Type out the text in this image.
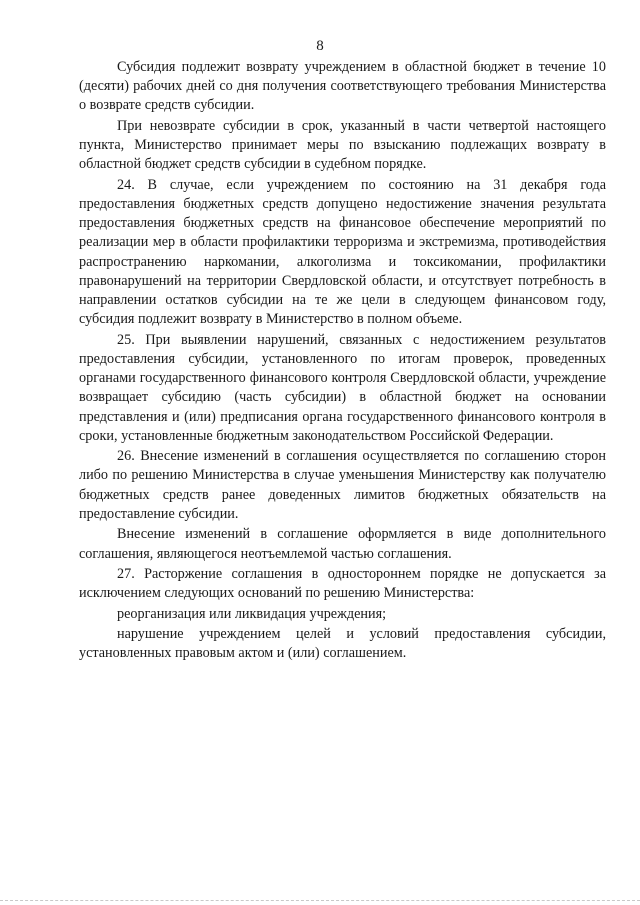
8

Субсидия подлежит возврату учреждением в областной бюджет в течение 10 (десяти) рабочих дней со дня получения соответствующего требования Министерства о возврате средств субсидии.

При невозврате субсидии в срок, указанный в части четвертой настоящего пункта, Министерство принимает меры по взысканию подлежащих возврату в областной бюджет средств субсидии в судебном порядке.

24. В случае, если учреждением по состоянию на 31 декабря года предоставления бюджетных средств допущено недостижение значения результата предоставления бюджетных средств на финансовое обеспечение мероприятий по реализации мер в области профилактики терроризма и экстремизма, противодействия распространению наркомании, алкоголизма и токсикомании, профилактики правонарушений на территории Свердловской области, и отсутствует потребность в направлении остатков субсидии на те же цели в следующем финансовом году, субсидия подлежит возврату в Министерство в полном объеме.

25. При выявлении нарушений, связанных с недостижением результатов предоставления субсидии, установленного по итогам проверок, проведенных органами государственного финансового контроля Свердловской области, учреждение возвращает субсидию (часть субсидии) в областной бюджет на основании представления и (или) предписания органа государственного финансового контроля в сроки, установленные бюджетным законодательством Российской Федерации.

26. Внесение изменений в соглашения осуществляется по соглашению сторон либо по решению Министерства в случае уменьшения Министерству как получателю бюджетных средств ранее доведенных лимитов бюджетных обязательств на предоставление субсидии.

Внесение изменений в соглашение оформляется в виде дополнительного соглашения, являющегося неотъемлемой частью соглашения.

27. Расторжение соглашения в одностороннем порядке не допускается за исключением следующих оснований по решению Министерства:

реорганизация или ликвидация учреждения;

нарушение учреждением целей и условий предоставления субсидии, установленных правовым актом и (или) соглашением.
